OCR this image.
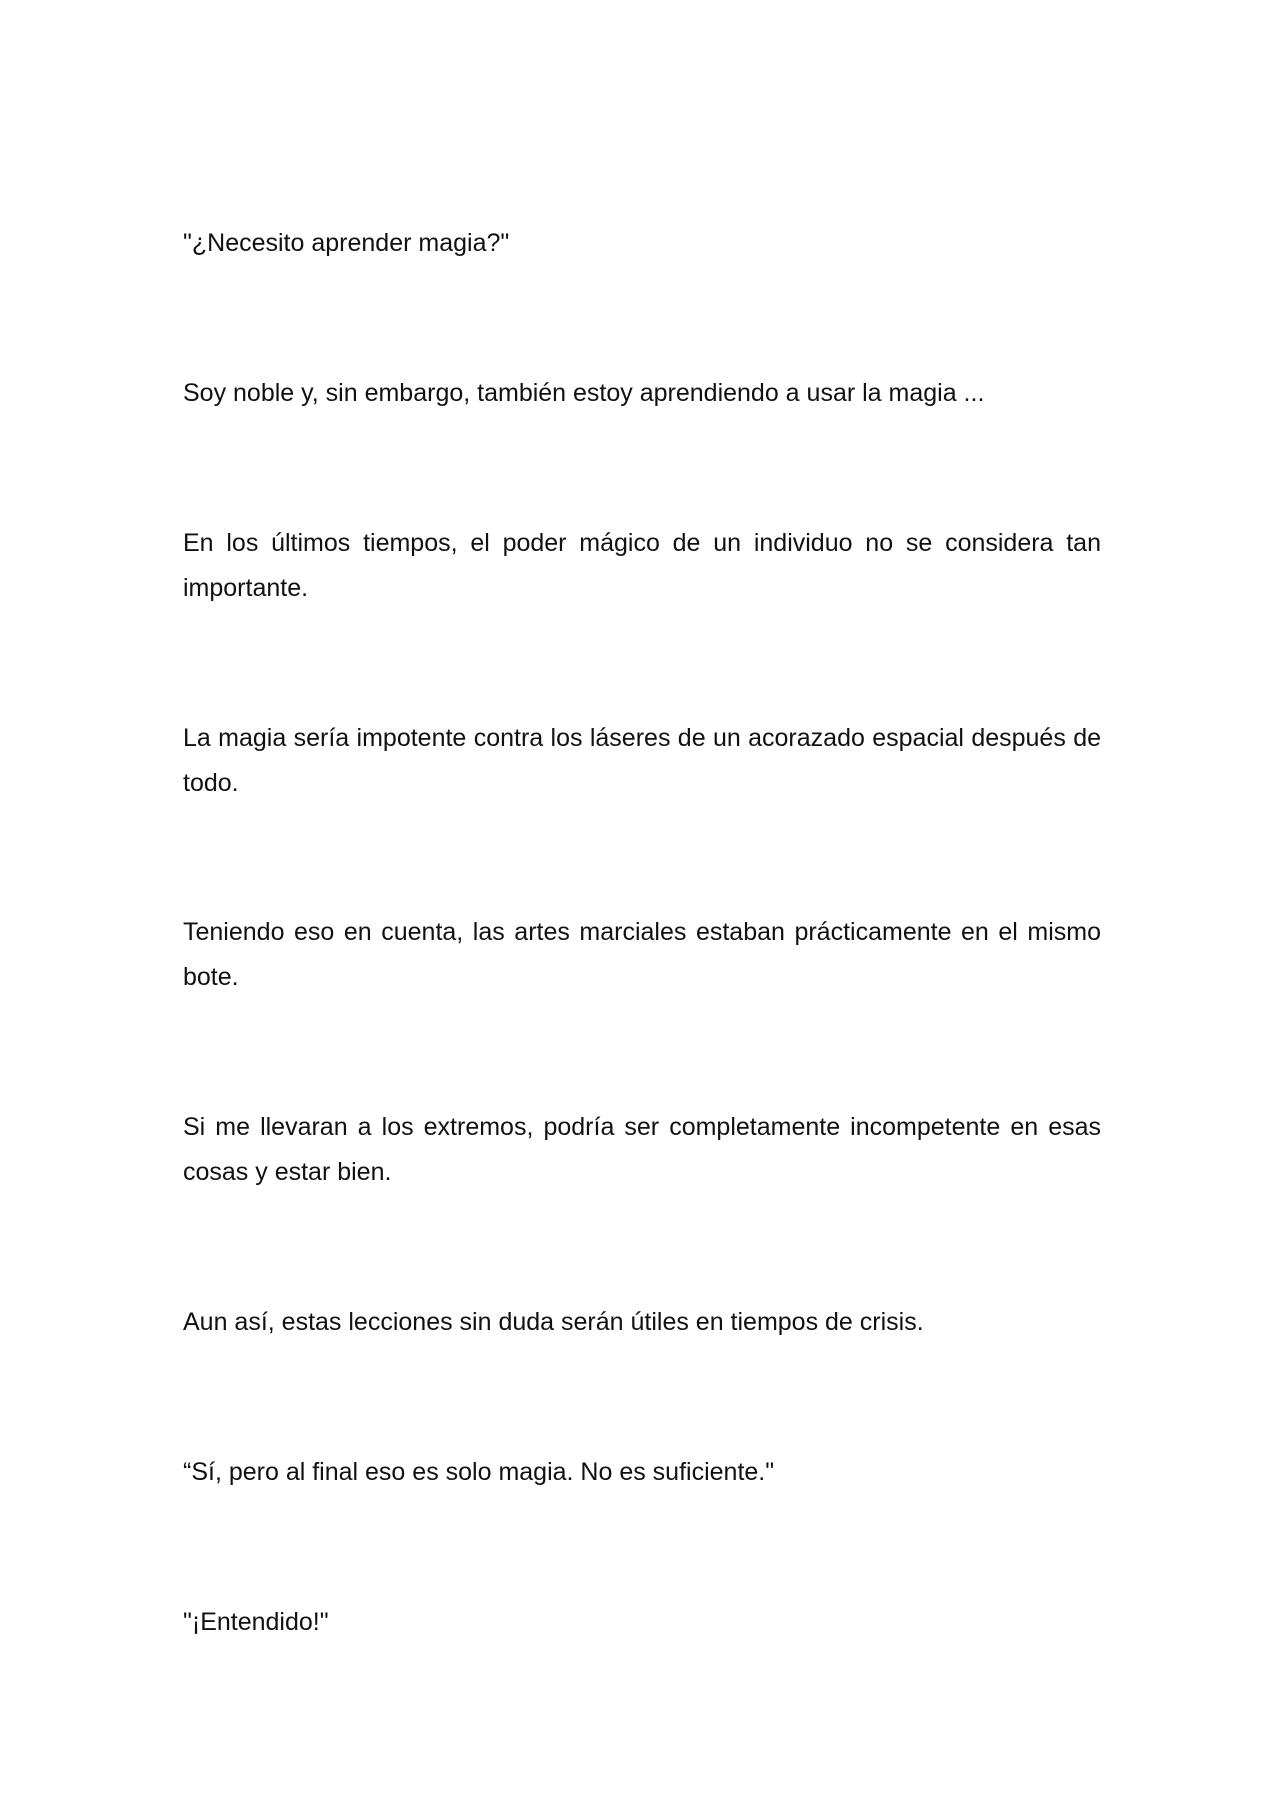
"¿Necesito aprender magia?"

Soy noble y, sin embargo, también estoy aprendiendo a usar la magia ...

En los últimos tiempos, el poder mágico de un individuo no se considera tan importante.

La magia sería impotente contra los láseres de un acorazado espacial después de todo.

Teniendo eso en cuenta, las artes marciales estaban prácticamente en el mismo bote.

Si me llevaran a los extremos, podría ser completamente incompetente en esas cosas y estar bien.

Aun así, estas lecciones sin duda serán útiles en tiempos de crisis.

“Sí, pero al final eso es solo magia. No es suficiente."

"¡Entendido!"
